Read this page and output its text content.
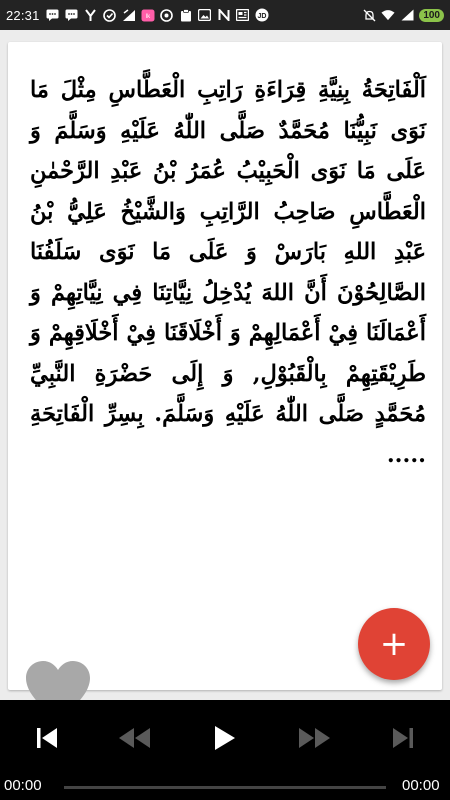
22:31	lk	JD	100
اَلْفَاتِحَةُ بِنِيَّةِ قِرَاءَةِ رَاتِبِ الْعَطَّاسِ مِثْلَ مَا نَوَى نَبِيُّنَا مُحَمَّدٌ صَلَّى اللّٰهُ عَلَيْهِ وَسَلَّمَ وَ عَلَى مَا نَوَى الْحَبِيْبُ عُمَرُ بْنُ عَبْدِ الرَّحْمٰنِ الْعَطَّاسِ صَاحِبُ الرَّاتِبِ وَالشَّيْخُ عَلِيُّ بْنُ عَبْدِ اللهِ بَارَسْ وَ عَلَى مَا نَوَى سَلَفُنَا الصَّالِحُوْنَ أَنَّ اللهَ يُدْخِلُ نِيَّاتِنَا فِي نِيَّاتِهِمْ وَ أَعْمَالَنَا فِيْ أَعْمَالِهِمْ وَ أَخْلَاقَنَا فِيْ أَخْلَاقِهِمْ وَ طَرِيْقَتِهِمْ بِالْقَبُوْلِ, وَ إِلَى حَضْرَةِ النَّبِيِّ مُحَمَّدٍ صَلَّى اللّٰهُ عَلَيْهِ وَسَلَّمَ. بِسِرِّ الْفَاتِحَةِ .....
+
00:00	00:00
